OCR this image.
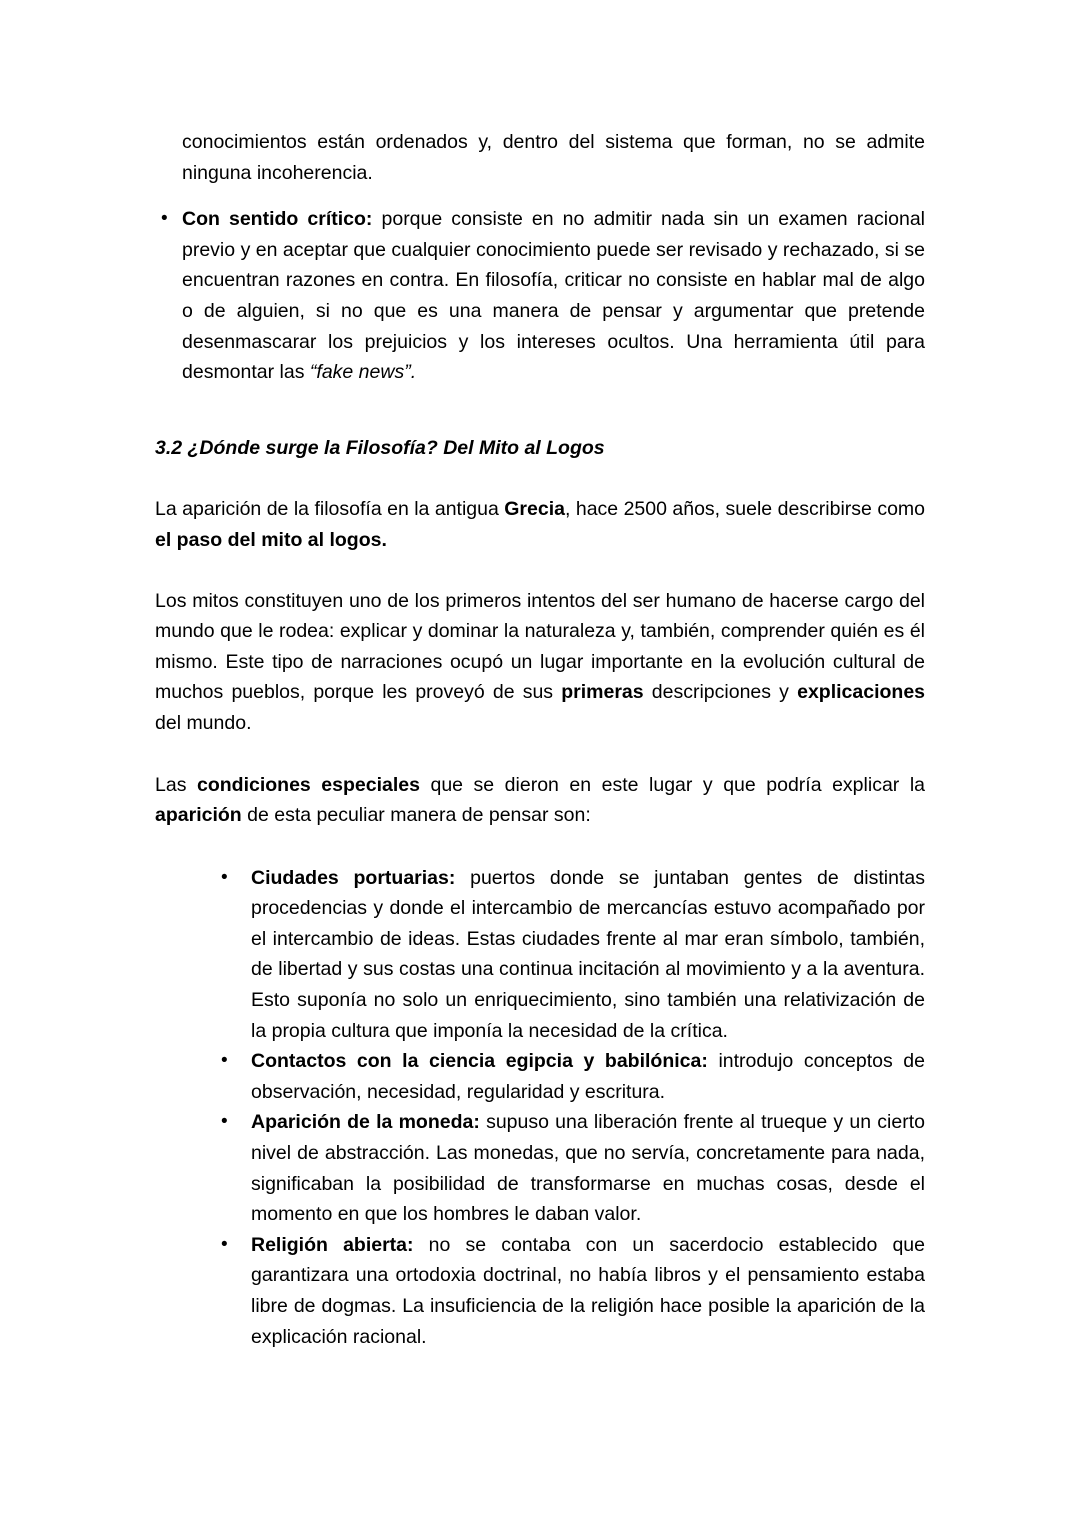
conocimientos están ordenados y, dentro del sistema que forman, no se admite ninguna incoherencia.

• Con sentido crítico: porque consiste en no admitir nada sin un examen racional previo y en aceptar que cualquier conocimiento puede ser revisado y rechazado, si se encuentran razones en contra. En filosofía, criticar no consiste en hablar mal de algo o de alguien, si no que es una manera de pensar y argumentar que pretende desenmascarar los prejuicios y los intereses ocultos. Una herramienta útil para desmontar las “fake news”.
3.2 ¿Dónde surge la Filosofía? Del Mito al Logos

La aparición de la filosofía en la antigua Grecia, hace 2500 años, suele describirse como el paso del mito al logos.

Los mitos constituyen uno de los primeros intentos del ser humano de hacerse cargo del mundo que le rodea: explicar y dominar la naturaleza y, también, comprender quién es él mismo. Este tipo de narraciones ocupó un lugar importante en la evolución cultural de muchos pueblos, porque les proveyó de sus primeras descripciones y explicaciones del mundo.

Las condiciones especiales que se dieron en este lugar y que podría explicar la aparición de esta peculiar manera de pensar son:

• Ciudades portuarias: puertos donde se juntaban gentes de distintas procedencias y donde el intercambio de mercancías estuvo acompañado por el intercambio de ideas. Estas ciudades frente al mar eran símbolo, también, de libertad y sus costas una continua incitación al movimiento y a la aventura. Esto suponía no solo un enriquecimiento, sino también una relativización de la propia cultura que imponía la necesidad de la crítica.
• Contactos con la ciencia egipcia y babilónica: introdujo conceptos de observación, necesidad, regularidad y escritura.
• Aparición de la moneda: supuso una liberación frente al trueque y un cierto nivel de abstracción. Las monedas, que no servía, concretamente para nada, significaban la posibilidad de transformarse en muchas cosas, desde el momento en que los hombres le daban valor.
• Religión abierta: no se contaba con un sacerdocio establecido que garantizara una ortodoxia doctrinal, no había libros y el pensamiento estaba libre de dogmas. La insuficiencia de la religión hace posible la aparición de la explicación racional.
